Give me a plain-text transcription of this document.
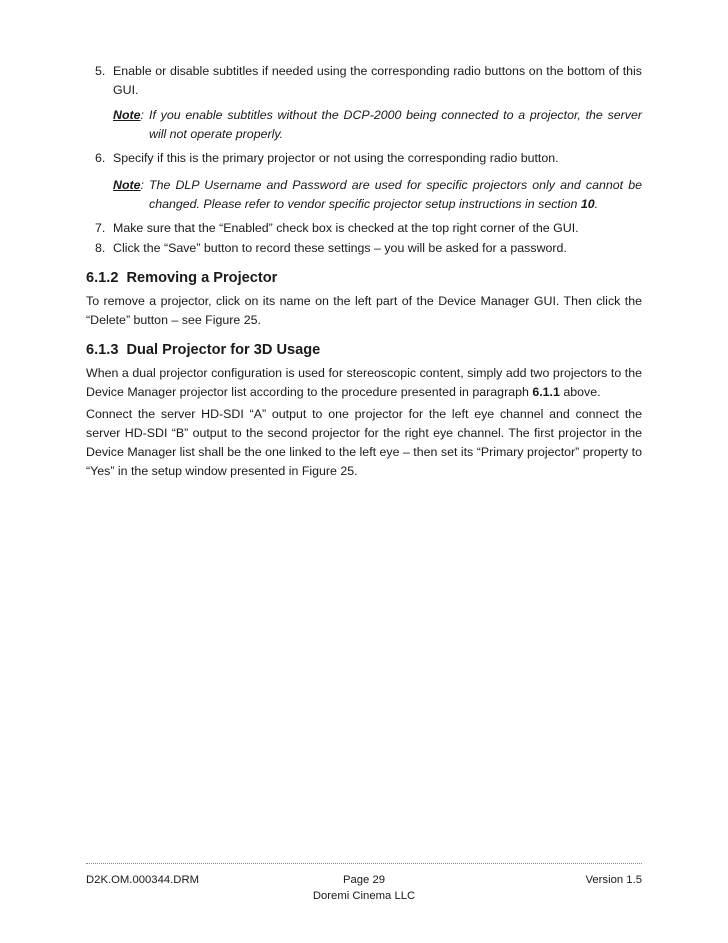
5. Enable or disable subtitles if needed using the corresponding radio buttons on the bottom of this GUI.

Note: If you enable subtitles without the DCP-2000 being connected to a projector, the server will not operate properly.

6. Specify if this is the primary projector or not using the corresponding radio button.

Note: The DLP Username and Password are used for specific projectors only and cannot be changed. Please refer to vendor specific projector setup instructions in section 10.

7. Make sure that the “Enabled” check box is checked at the top right corner of the GUI.

8. Click the “Save” button to record these settings – you will be asked for a password.

6.1.2 Removing a Projector

To remove a projector, click on its name on the left part of the Device Manager GUI. Then click the “Delete” button – see Figure 25.

6.1.3 Dual Projector for 3D Usage

When a dual projector configuration is used for stereoscopic content, simply add two projectors to the Device Manager projector list according to the procedure presented in paragraph 6.1.1 above.

Connect the server HD-SDI “A” output to one projector for the left eye channel and connect the server HD-SDI “B” output to the second projector for the right eye channel. The first projector in the Device Manager list shall be the one linked to the left eye – then set its “Primary projector” property to “Yes” in the setup window presented in Figure 25.

D2K.OM.000344.DRM	Page 29
Doremi Cinema LLC
Version 1.5
